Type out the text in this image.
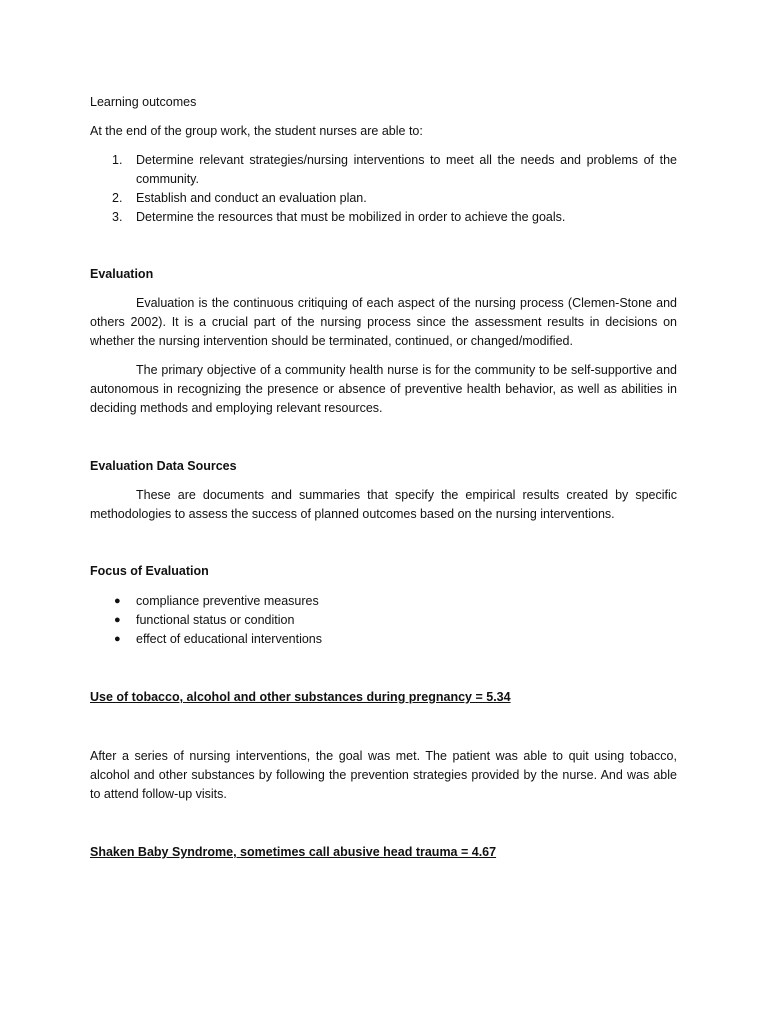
Learning outcomes

At the end of the group work, the student nurses are able to:

1.	Determine relevant strategies/nursing interventions to meet all the needs and problems of the community.
2.	Establish and conduct an evaluation plan.
3.	Determine the resources that must be mobilized in order to achieve the goals.

Evaluation

Evaluation is the continuous critiquing of each aspect of the nursing process (Clemen-Stone and others 2002). It is a crucial part of the nursing process since the assessment results in decisions on whether the nursing intervention should be terminated, continued, or changed/modified.

The primary objective of a community health nurse is for the community to be self-supportive and autonomous in recognizing the presence or absence of preventive health behavior, as well as abilities in deciding methods and employing relevant resources.

Evaluation Data Sources

These are documents and summaries that specify the empirical results created by specific methodologies to assess the success of planned outcomes based on the nursing interventions.

Focus of Evaluation

● compliance preventive measures
● functional status or condition
● effect of educational interventions

Use of tobacco, alcohol and other substances during pregnancy = 5.34

After a series of nursing interventions, the goal was met. The patient was able to quit using tobacco, alcohol and other substances by following the prevention strategies provided by the nurse. And was able to attend follow-up visits.

Shaken Baby Syndrome, sometimes call abusive head trauma = 4.67
